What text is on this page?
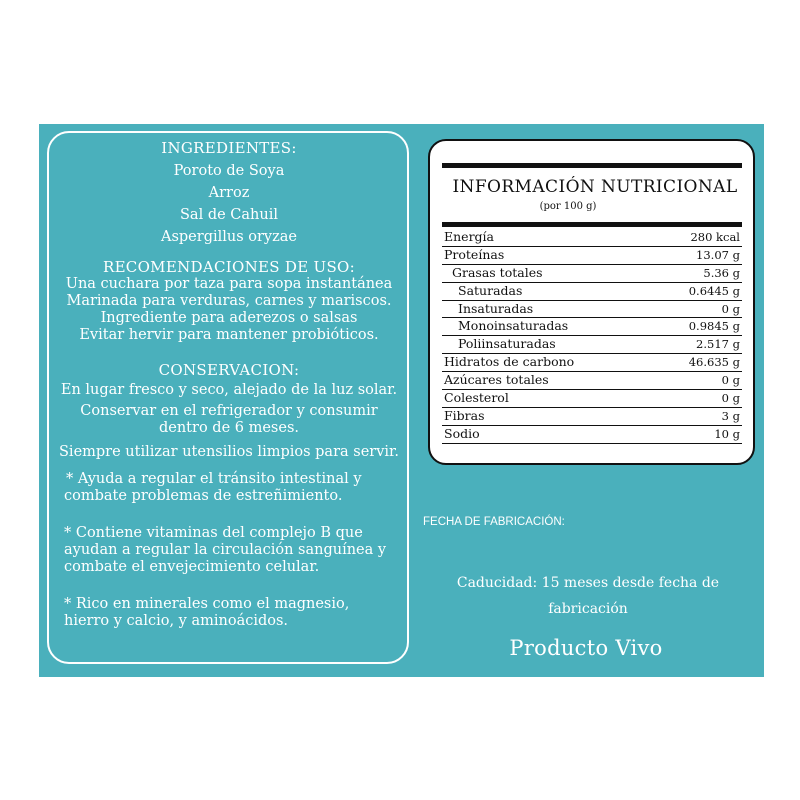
INGREDIENTES:

Poroto de Soya

Arroz

Sal de Cahuil

Aspergillus oryzae

RECOMENDACIONES DE USO:

Una cuchara por taza para sopa instantánea

Marinada para verduras, carnes y mariscos.

Ingrediente para aderezos o salsas

Evitar hervir para mantener probióticos.

CONSERVACION:

En lugar fresco y seco, alejado de la luz solar.

Conservar en el refrigerador y consumir

dentro de 6 meses.

Siempre utilizar utensilios limpios para servir.

* Ayuda a regular el tránsito intestinal y

combate problemas de estreñimiento.

* Contiene vitaminas del complejo B que

ayudan a regular la circulación sanguínea y

combate el envejecimiento celular.

* Rico en minerales como el magnesio,

hierro y calcio, y aminoácidos.

INFORMACIÓN NUTRICIONAL
(por 100 g)
Energía	280 kcal
Proteínas	13.07 g
Grasas totales	5.36 g
Saturadas	0.6445 g
Insaturadas	0 g
Monoinsaturadas	0.9845 g
Poliinsaturadas	2.517 g
Hidratos de carbono	46.635 g
Azúcares totales	0 g
Colesterol	0 g
Fibras	3 g
Sodio	10 g
FECHA DE FABRICACIÓN:
Caducidad: 15 meses desde fecha de
fabricación
Producto Vivo
